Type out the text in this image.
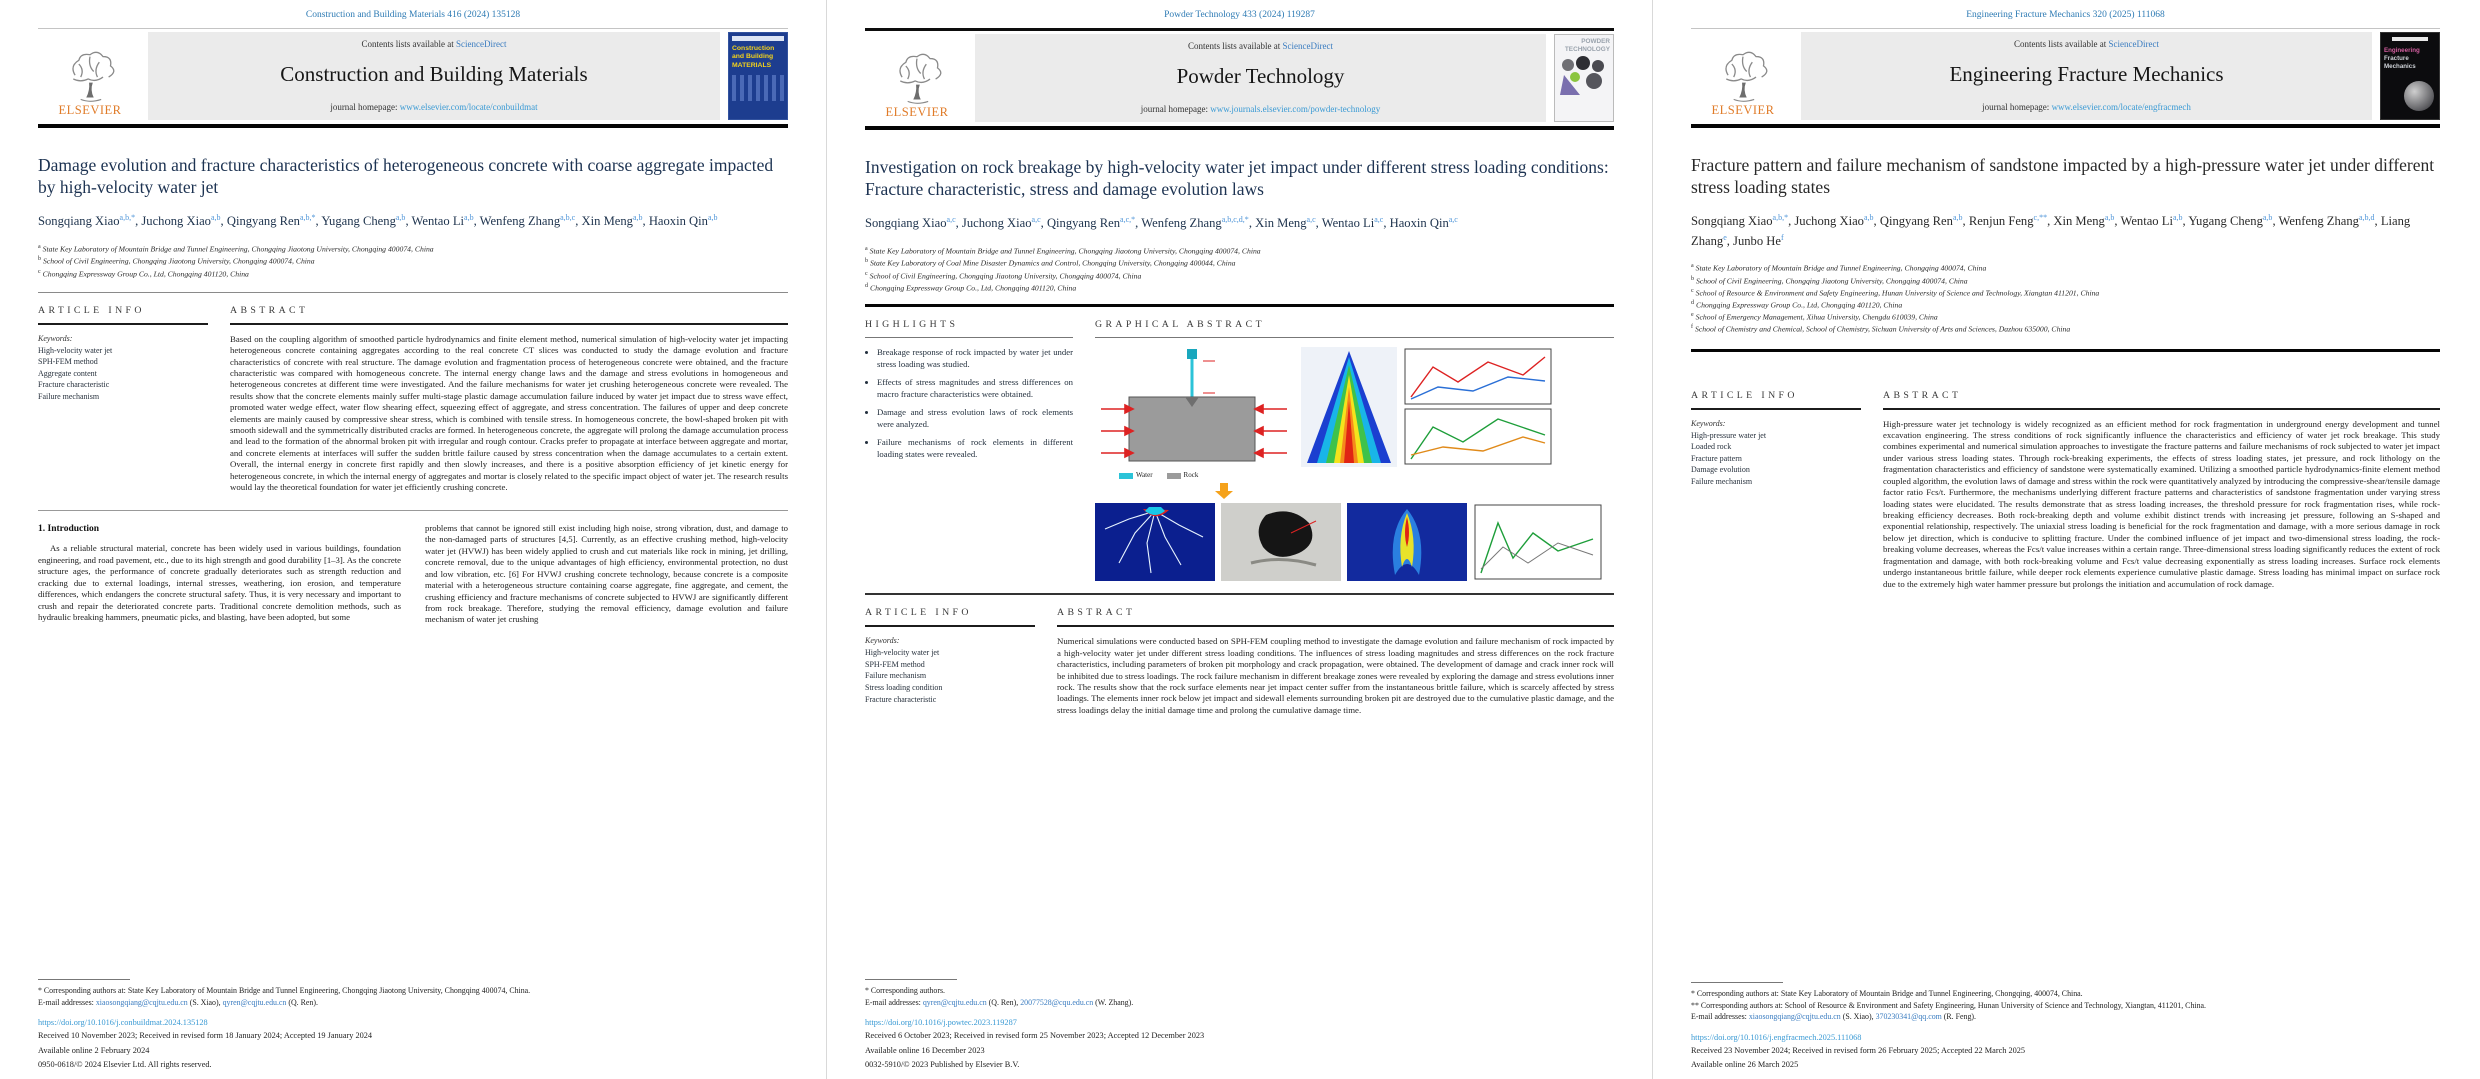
Construction and Building Materials 416 (2024) 135128
ELSEVIER
Contents lists available at ScienceDirect
Construction and Building Materials
journal homepage: www.elsevier.com/locate/conbuildmat
Construction
and Building
MATERIALS
Damage evolution and fracture characteristics of heterogeneous concrete with coarse aggregate impacted by high-velocity water jet
Songqiang Xiao$^{a,b,*}$, Juchong Xiao$^{a,b}$, Qingyang Ren$^{a,b,*}$, Yugang Cheng$^{a,b}$, Wentao Li$^{a,b}$, Wenfeng Zhang$^{a,b,c}$, Xin Meng$^{a,b}$, Haoxin Qin$^{a,b}$
$^a$ State Key Laboratory of Mountain Bridge and Tunnel Engineering, Chongqing Jiaotong University, Chongqing 400074, China
$^b$ School of Civil Engineering, Chongqing Jiaotong University, Chongqing 400074, China
$^c$ Chongqing Expressway Group Co., Ltd, Chongqing 401120, China
ARTICLE INFO
Keywords:
High-velocity water jet
SPH-FEM method
Aggregate content
Fracture characteristic
Failure mechanism
ABSTRACT
Based on the coupling algorithm of smoothed particle hydrodynamics and finite element method, numerical simulation of high-velocity water jet impacting heterogeneous concrete containing aggregates according to the real concrete CT slices was conducted to study the damage evolution and fracture characteristics of concrete with real structure. The damage evolution and fragmentation process of heterogeneous concrete were obtained, and the fracture characteristic was compared with homogeneous concrete. The internal energy change laws and the damage and stress evolutions in homogeneous and heterogeneous concretes at different time were investigated. And the failure mechanisms for water jet crushing heterogeneous concrete were revealed. The results show that the concrete elements mainly suffer multi-stage plastic damage accumulation failure induced by water jet impact due to stress wave effect, promoted water wedge effect, water flow shearing effect, squeezing effect of aggregate, and stress concentration. The failures of upper and deep concrete elements are mainly caused by compressive shear stress, which is combined with tensile stress. In homogeneous concrete, the bowl-shaped broken pit with smooth sidewall and the symmetrically distributed cracks are formed. In heterogeneous concrete, the aggregate will prolong the damage accumulation process and lead to the formation of the abnormal broken pit with irregular and rough contour. Cracks prefer to propagate at interface between aggregate and mortar, and concrete elements at interfaces will suffer the sudden brittle failure caused by stress concentration when the damage accumulates to a certain extent. Overall, the internal energy in concrete first rapidly and then slowly increases, and there is a positive absorption efficiency of jet kinetic energy for heterogeneous concrete, in which the internal energy of aggregates and mortar is closely related to the specific impact object of water jet. The research results would lay the theoretical foundation for water jet efficiently crushing concrete.
1. Introduction

As a reliable structural material, concrete has been widely used in various buildings, foundation engineering, and road pavement, etc., due to its high strength and good durability [1–3]. As the concrete structure ages, the performance of concrete gradually deteriorates such as strength reduction and cracking due to external loadings, internal stresses, weathering, ion erosion, and temperature differences, which endangers the concrete structural safety. Thus, it is very necessary and important to crush and repair the deteriorated concrete parts. Traditional concrete demolition methods, such as hydraulic breaking hammers, pneumatic picks, and blasting, have been adopted, but some

problems that cannot be ignored still exist including high noise, strong vibration, dust, and damage to the non-damaged parts of structures [4,5]. Currently, as an effective crushing method, high-velocity water jet (HVWJ) has been widely applied to crush and cut materials like rock in mining, jet drilling, concrete removal, due to the unique advantages of high efficiency, environmental protection, no dust and low vibration, etc. [6] For HVWJ crushing concrete technology, because concrete is a composite material with a heterogeneous structure containing coarse aggregate, fine aggregate, and cement, the crushing efficiency and fracture mechanisms of concrete subjected to HVWJ are significantly different from rock breakage. Therefore, studying the removal efficiency, damage evolution and failure mechanism of water jet crushing

* Corresponding authors at: State Key Laboratory of Mountain Bridge and Tunnel Engineering, Chongqing Jiaotong University, Chongqing 400074, China.
E-mail addresses: xiaosongqiang@cqjtu.edu.cn (S. Xiao), qyren@cqjtu.edu.cn (Q. Ren).
https://doi.org/10.1016/j.conbuildmat.2024.135128
Received 10 November 2023; Received in revised form 18 January 2024; Accepted 19 January 2024
Available online 2 February 2024
0950-0618/© 2024 Elsevier Ltd. All rights reserved.
Powder Technology 433 (2024) 119287
ELSEVIER
Contents lists available at ScienceDirect
Powder Technology
journal homepage: www.journals.elsevier.com/powder-technology
POWDER
TECHNOLOGY
Investigation on rock breakage by high-velocity water jet impact under different stress loading conditions: Fracture characteristic, stress and damage evolution laws
Songqiang Xiao$^{a,c}$, Juchong Xiao$^{a,c}$, Qingyang Ren$^{a,c,*}$, Wenfeng Zhang$^{a,b,c,d,*}$, Xin Meng$^{a,c}$, Wentao Li$^{a,c}$, Haoxin Qin$^{a,c}$
$^a$ State Key Laboratory of Mountain Bridge and Tunnel Engineering, Chongqing Jiaotong University, Chongqing 400074, China
$^b$ State Key Laboratory of Coal Mine Disaster Dynamics and Control, Chongqing University, Chongqing 400044, China
$^c$ School of Civil Engineering, Chongqing Jiaotong University, Chongqing 400074, China
$^d$ Chongqing Expressway Group Co., Ltd, Chongqing 401120, China
HIGHLIGHTS
• Breakage response of rock impacted by water jet under stress loading was studied.
• Effects of stress magnitudes and stress differences on macro fracture characteristics were obtained.
• Damage and stress evolution laws of rock elements were analyzed.
• Failure mechanisms of rock elements in different loading states were revealed.
GRAPHICAL ABSTRACT
Water	Rock
ARTICLE INFO
Keywords:
High-velocity water jet
SPH-FEM method
Failure mechanism
Stress loading condition
Fracture characteristic
ABSTRACT
Numerical simulations were conducted based on SPH-FEM coupling method to investigate the damage evolution and failure mechanism of rock impacted by a high-velocity water jet under different stress loading conditions. The influences of stress loading magnitudes and stress differences on the rock fracture characteristics, including parameters of broken pit morphology and crack propagation, were obtained. The development of damage and crack inner rock will be inhibited due to stress loadings. The rock failure mechanism in different breakage zones were revealed by exploring the damage and stress evolutions inner rock. The results show that the rock surface elements near jet impact center suffer from the instantaneous brittle failure, which is scarcely affected by stress loadings. The elements inner rock below jet impact and sidewall elements surrounding broken pit are destroyed due to the cumulative plastic damage, and the stress loadings delay the initial damage time and prolong the cumulative damage time.
* Corresponding authors.
E-mail addresses: qyren@cqjtu.edu.cn (Q. Ren), 20077528@cqu.edu.cn (W. Zhang).
https://doi.org/10.1016/j.powtec.2023.119287
Received 6 October 2023; Received in revised form 25 November 2023; Accepted 12 December 2023
Available online 16 December 2023
0032-5910/© 2023 Published by Elsevier B.V.
Engineering Fracture Mechanics 320 (2025) 111068
ELSEVIER
Contents lists available at ScienceDirect
Engineering Fracture Mechanics
journal homepage: www.elsevier.com/locate/engfracmech
Engineering
Fracture Mechanics
Fracture pattern and failure mechanism of sandstone impacted by a high-pressure water jet under different stress loading states
Songqiang Xiao$^{a,b,*}$, Juchong Xiao$^{a,b}$, Qingyang Ren$^{a,b}$, Renjun Feng$^{c,**}$, Xin Meng$^{a,b}$, Wentao Li$^{a,b}$, Yugang Cheng$^{a,b}$, Wenfeng Zhang$^{a,b,d}$, Liang Zhang$^e$, Junbo He$^f$
$^a$ State Key Laboratory of Mountain Bridge and Tunnel Engineering, Chongqing 400074, China
$^b$ School of Civil Engineering, Chongqing Jiaotong University, Chongqing 400074, China
$^c$ School of Resource & Environment and Safety Engineering, Hunan University of Science and Technology, Xiangtan 411201, China
$^d$ Chongqing Expressway Group Co., Ltd, Chongqing 401120, China
$^e$ School of Emergency Management, Xihua University, Chengdu 610039, China
$^f$ School of Chemistry and Chemical, School of Chemistry, Sichuan University of Arts and Sciences, Dazhou 635000, China
ARTICLE INFO
Keywords:
High-pressure water jet
Loaded rock
Fracture pattern
Damage evolution
Failure mechanism
ABSTRACT
High-pressure water jet technology is widely recognized as an efficient method for rock fragmentation in underground energy development and tunnel excavation engineering. The stress conditions of rock significantly influence the characteristics and efficiency of water jet rock breakage. This study combines experimental and numerical simulation approaches to investigate the fracture patterns and failure mechanisms of rock subjected to water jet impact under various stress loading states. Through rock-breaking experiments, the effects of stress loading states, jet pressure, and rock lithology on the fragmentation characteristics and efficiency of sandstone were systematically examined. Utilizing a smoothed particle hydrodynamics-finite element method coupled algorithm, the evolution laws of damage and stress within the rock were quantitatively analyzed by introducing the compressive-shear/tensile damage factor ratio Fcs/t. Furthermore, the mechanisms underlying different fracture patterns and characteristics of sandstone fragmentation under varying stress loading states were elucidated. The results demonstrate that as stress loading increases, the threshold pressure for rock fragmentation rises, while rock-breaking efficiency decreases. Both rock-breaking depth and volume exhibit distinct trends with increasing jet pressure, following an S-shaped and exponential relationship, respectively. The uniaxial stress loading is beneficial for the rock fragmentation and damage, with a more serious damage in rock below jet direction, which is conducive to splitting fracture. Under the combined influence of jet impact and two-dimensional stress loading, the rock-breaking volume decreases, whereas the Fcs/t value increases within a certain range. Three-dimensional stress loading significantly reduces the extent of rock fragmentation and damage, with both rock-breaking volume and Fcs/t value decreasing exponentially as stress loading increases. Surface rock elements undergo instantaneous brittle failure, while deeper rock elements experience cumulative plastic damage. Stress loading has minimal impact on surface rock due to the extremely high water hammer pressure but prolongs the initiation and accumulation of rock damage.
* Corresponding authors at: State Key Laboratory of Mountain Bridge and Tunnel Engineering, Chongqing, 400074, China.
** Corresponding authors at: School of Resource & Environment and Safety Engineering, Hunan University of Science and Technology, Xiangtan, 411201, China.
E-mail addresses: xiaosongqiang@cqjtu.edu.cn (S. Xiao), 370230341@qq.com (R. Feng).
https://doi.org/10.1016/j.engfracmech.2025.111068
Received 23 November 2024; Received in revised form 26 February 2025; Accepted 22 March 2025
Available online 26 March 2025
